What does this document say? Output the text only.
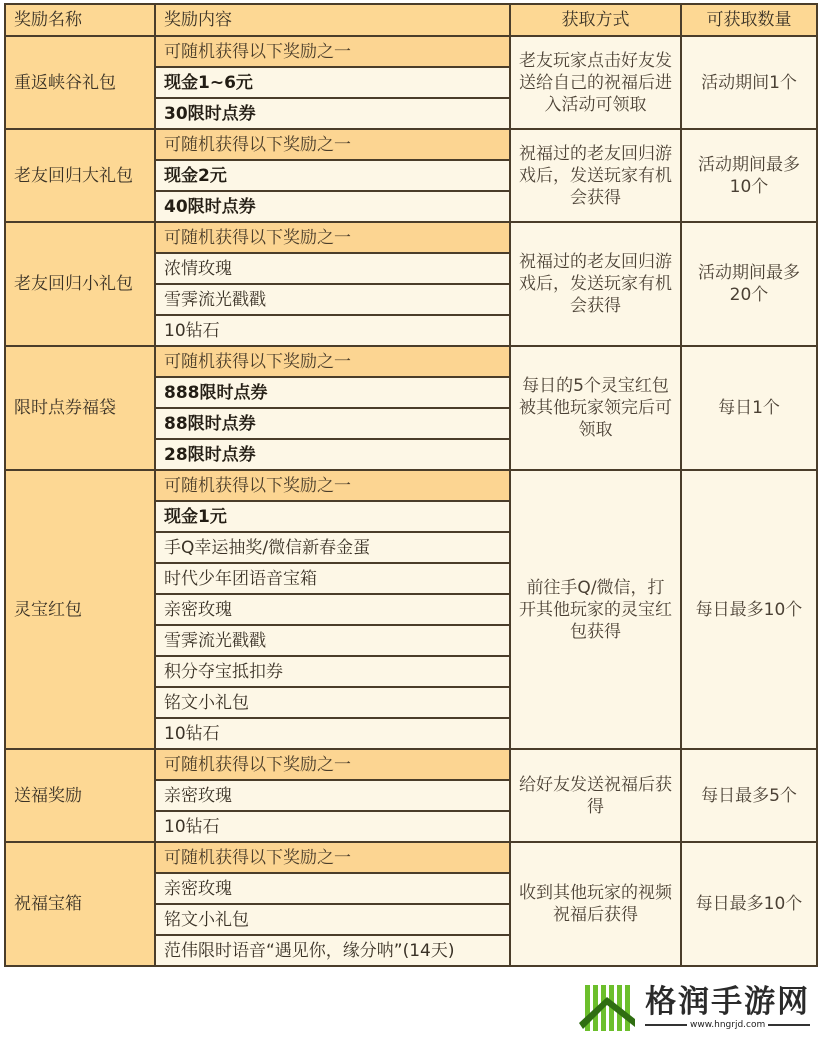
奖励名称	奖励内容	获取方式	可获取数量
重返峡谷礼包	可随机获得以下奖励之一	老友玩家点击好友发送给自己的祝福后进入活动可领取	活动期间1个
	现金1~6元		
	30限时点券		
老友回归大礼包	可随机获得以下奖励之一	祝福过的老友回归游戏后，发送玩家有机会获得	活动期间最多10个
	现金2元		
	40限时点券		
老友回归小礼包	可随机获得以下奖励之一	祝福过的老友回归游戏后，发送玩家有机会获得	活动期间最多20个
	浓情玫瑰		
	雪霁流光戳戳		
	10钻石		
限时点券福袋	可随机获得以下奖励之一	每日的5个灵宝红包被其他玩家领完后可领取	每日1个
	888限时点券		
	88限时点券		
	28限时点券		
灵宝红包	可随机获得以下奖励之一	前往手Q/微信，打开其他玩家的灵宝红包获得	每日最多10个
	现金1元		
	手Q幸运抽奖/微信新春金蛋		
	时代少年团语音宝箱		
	亲密玫瑰		
	雪霁流光戳戳		
	积分夺宝抵扣券		
	铭文小礼包		
	10钻石		
送福奖励	可随机获得以下奖励之一	给好友发送祝福后获得	每日最多5个
	亲密玫瑰		
	10钻石		
祝福宝箱	可随机获得以下奖励之一	收到其他玩家的视频祝福后获得	每日最多10个
	亲密玫瑰		
	铭文小礼包		
	范伟限时语音“遇见你，缘分呐”(14天)		
格润手游网
www.hngrjd.com
